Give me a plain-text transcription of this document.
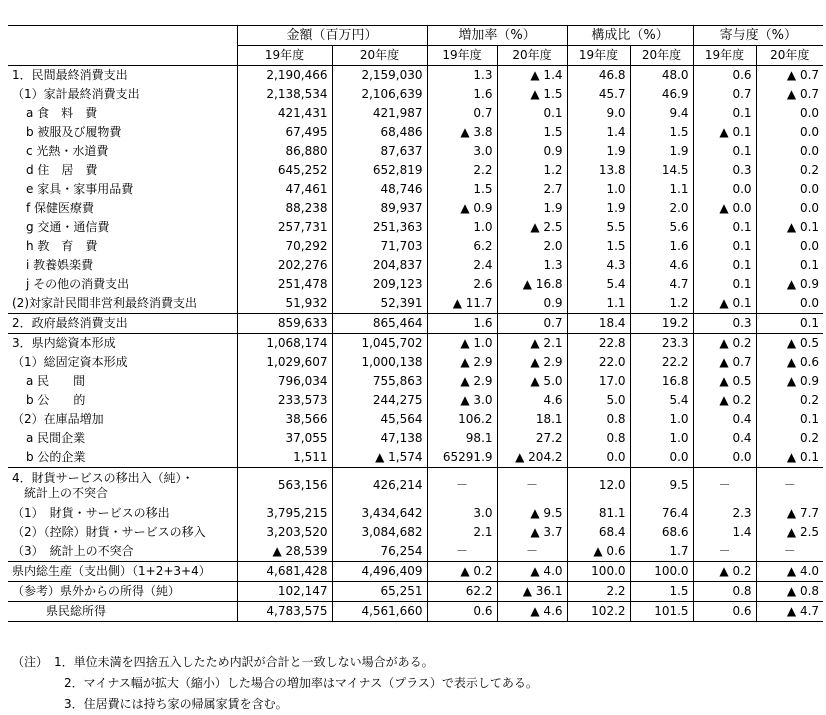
	金額（百万円）		増加率（%）		構成比（%）		寄与度（%）	
	19年度	20年度	19年度	20年度	19年度	20年度	19年度	20年度
1．民間最終消費支出	2,190,466	2,159,030	1.3	▲ 1.4	46.8	48.0	0.6	▲ 0.7
（1）家計最終消費支出	2,138,534	2,106,639	1.6	▲ 1.5	45.7	46.9	0.7	▲ 0.7
a 食　料　費	421,431	421,987	0.7	0.1	9.0	9.4	0.1	0.0
b 被服及び履物費	67,495	68,486	▲ 3.8	1.5	1.4	1.5	▲ 0.1	0.0
c 光熱・水道費	86,880	87,637	3.0	0.9	1.9	1.9	0.1	0.0
d 住　居　費	645,252	652,819	2.2	1.2	13.8	14.5	0.3	0.2
e 家具・家事用品費	47,461	48,746	1.5	2.7	1.0	1.1	0.0	0.0
f 保健医療費	88,238	89,937	▲ 0.9	1.9	1.9	2.0	▲ 0.0	0.0
g 交通・通信費	257,731	251,363	1.0	▲ 2.5	5.5	5.6	0.1	▲ 0.1
h 教　育　費	70,292	71,703	6.2	2.0	1.5	1.6	0.1	0.0
i 教養娯楽費	202,276	204,837	2.4	1.3	4.3	4.6	0.1	0.1
j その他の消費支出	251,478	209,123	2.6	▲ 16.8	5.4	4.7	0.1	▲ 0.9
(2)対家計民間非営利最終消費支出	51,932	52,391	▲ 11.7	0.9	1.1	1.2	▲ 0.1	0.0
2．政府最終消費支出	859,633	865,464	1.6	0.7	18.4	19.2	0.3	0.1
3．県内総資本形成	1,068,174	1,045,702	▲ 1.0	▲ 2.1	22.8	23.3	▲ 0.2	▲ 0.5
（1）総固定資本形成	1,029,607	1,000,138	▲ 2.9	▲ 2.9	22.0	22.2	▲ 0.7	▲ 0.6
a 民　　間	796,034	755,863	▲ 2.9	▲ 5.0	17.0	16.8	▲ 0.5	▲ 0.9
b 公　　的	233,573	244,275	▲ 3.0	4.6	5.0	5.4	▲ 0.2	0.2
（2）在庫品増加	38,566	45,564	106.2	18.1	0.8	1.0	0.4	0.1
a 民間企業	37,055	47,138	98.1	27.2	0.8	1.0	0.4	0.2
b 公的企業	1,511	▲ 1,574	65291.9	▲ 204.2	0.0	0.0	0.0	▲ 0.1
4．財貨サービスの移出入（純）・
　統計上の不突合	563,156	426,214	－	－	12.0	9.5	－	－
（1）　財貨・サービスの移出	3,795,215	3,434,642	3.0	▲ 9.5	81.1	76.4	2.3	▲ 7.7
（2）（控除）財貨・サービスの移入	3,203,520	3,084,682	2.1	▲ 3.7	68.4	68.6	1.4	▲ 2.5
（3）　統計上の不突合	▲ 28,539	76,254	－	－	▲ 0.6	1.7	－	－
県内総生産（支出側）（1+2+3+4）	4,681,428	4,496,409	▲ 0.2	▲ 4.0	100.0	100.0	▲ 0.2	▲ 4.0
（参考）県外からの所得（純）	102,147	65,251	62.2	▲ 36.1	2.2	1.5	0.8	▲ 0.8
県民総所得	4,783,575	4,561,660	0.6	▲ 4.6	102.2	101.5	0.6	▲ 4.7
（注）　1．単位未満を四捨五入したため内訳が合計と一致しない場合がある。
2．マイナス幅が拡大（縮小）した場合の増加率はマイナス（プラス）で表示してある。
3．住居費には持ち家の帰属家賃を含む。
